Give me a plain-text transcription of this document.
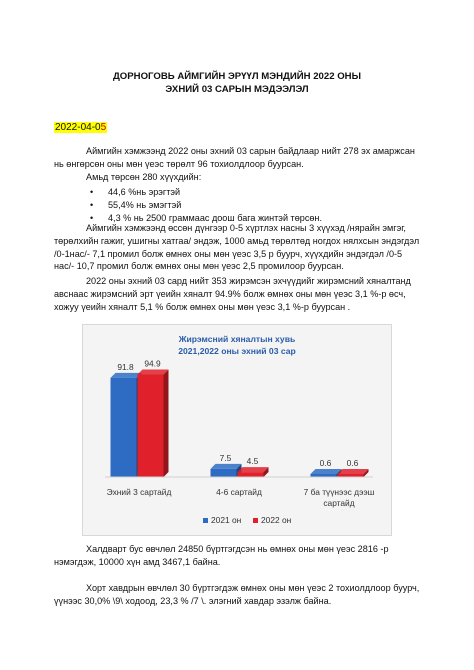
ДОРНОГОВЬ АЙМГИЙН ЭРҮҮЛ МЭНДИЙН 2022 ОНЫ
ЭХНИЙ 03 САРЫН МЭДЭЭЛЭЛ
2022-04-05

Аймгийн хэмжээнд 2022 оны эхний 03 сарын байдлаар нийт 278 эх амаржсан нь өнгөрсөн оны мөн үеэс төрөлт 96 тохиолдлоор буурсан.

Амьд төрсөн 280 хүүхдийн:

• 44,6 %нь эрэгтэй
• 55,4% нь эмэгтэй
• 4,3 % нь 2500 граммаас доош бага жинтэй төрсөн.

Аймгийн хэмжээнд өссөн дүнгээр 0-5 хүртлэх насны 3 хүүхэд /нярайн эмгэг, төрөлхийн гажиг, ушигны хатгаа/ эндэж, 1000 амьд төрөлтөд ногдох нялхсын эндэгдэл /0-1нас/- 7,1 промил болж өмнөх оны мөн үеэс 3,5 р буурч, хүүхдийн эндэгдэл /0-5 нас/- 10,7 промил болж өмнөх оны мөн үеэс 2,5 промилоор буурсан.

2022 оны эхний 03 сард нийт 353 жирэмсэн эхчүүдийг жирэмсний хяналтанд авснаас жирэмсний эрт үеийн хяналт 94.9% болж өмнөх оны мөн үеэс 3,1 %-р өсч, хожуу үеийн хяналт 5,1 % болж өмнөх оны мөн үеэс 3,1 %-р буурсан .

Жирэмсний хяналтын хувь
2021,2022 оны эхний 03 сар
91.8 94.9
7.5 4.5	0.6 0.6
Эхний 3 сартайд	4-6 сартайд	7 ба түүнээс дээш
сартайд
2021 он 2022 он

Халдварт бус өвчлөл 24850 бүртгэгдсэн нь өмнөх оны мөн үеэс 2816 -р нэмэгдэж, 10000 хүн амд 3467,1 байна.

Хорт хавдрын өвчлөл 30 бүртгэгдэж өмнөх оны мөн үеэс 2 тохиолдлоор буурч, үүнээс 30,0% \9\ ходоод, 23,3 % /7 \. элэгний хавдар эзэлж байна.
